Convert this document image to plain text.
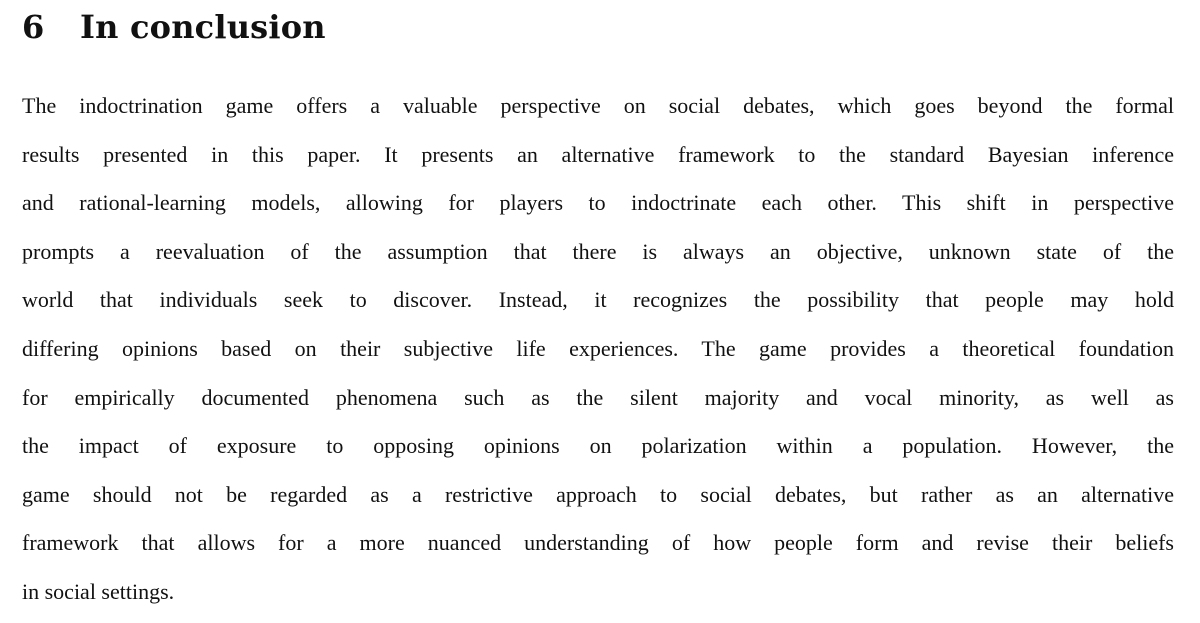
6	In conclusion
The indoctrination game offers a valuable perspective on social debates, which goes beyond the formal
results presented in this paper. It presents an alternative framework to the standard Bayesian inference
and rational-learning models, allowing for players to indoctrinate each other. This shift in perspective
prompts a reevaluation of the assumption that there is always an objective, unknown state of the
world that individuals seek to discover. Instead, it recognizes the possibility that people may hold
differing opinions based on their subjective life experiences. The game provides a theoretical foundation
for empirically documented phenomena such as the silent majority and vocal minority, as well as
the impact of exposure to opposing opinions on polarization within a population. However, the
game should not be regarded as a restrictive approach to social debates, but rather as an alternative
framework that allows for a more nuanced understanding of how people form and revise their beliefs
in social settings.
